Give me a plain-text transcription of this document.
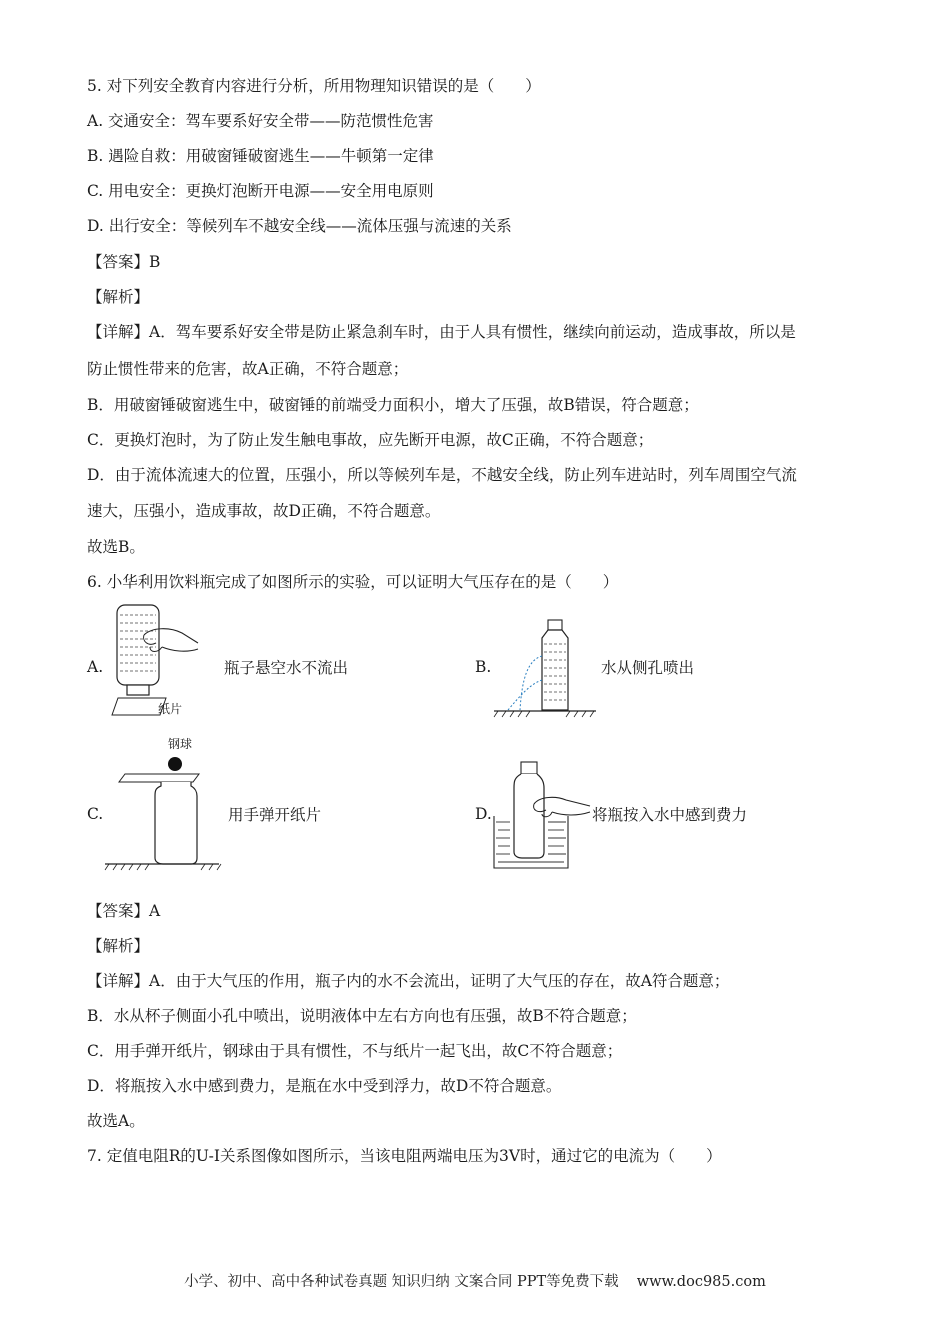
5. 对下列安全教育内容进行分析，所用物理知识错误的是（　　）
A. 交通安全：驾车要系好安全带——防范惯性危害
B. 遇险自救：用破窗锤破窗逃生——牛顿第一定律
C. 用电安全：更换灯泡断开电源——安全用电原则
D. 出行安全：等候列车不越安全线——流体压强与流速的关系
【答案】B
【解析】
【详解】A．驾车要系好安全带是防止紧急刹车时，由于人具有惯性，继续向前运动，造成事故，所以是
防止惯性带来的危害，故A正确，不符合题意；
B．用破窗锤破窗逃生中，破窗锤的前端受力面积小，增大了压强，故B错误，符合题意；
C．更换灯泡时，为了防止发生触电事故，应先断开电源，故C正确，不符合题意；
D．由于流体流速大的位置，压强小，所以等候列车是，不越安全线，防止列车进站时，列车周围空气流
速大，压强小，造成事故，故D正确，不符合题意。
故选B。
6. 小华利用饮料瓶完成了如图所示的实验，可以证明大气压存在的是（　　）
A.
纸片
瓶子悬空水不流出	B.	水从侧孔喷出
C.
钢球
用手弹开纸片	D.	将瓶按入水中感到费力
【答案】A
【解析】
【详解】A．由于大气压的作用，瓶子内的水不会流出，证明了大气压的存在，故A符合题意；
B．水从杯子侧面小孔中喷出，说明液体中左右方向也有压强，故B不符合题意；
C．用手弹开纸片，钢球由于具有惯性，不与纸片一起飞出，故C不符合题意；
D．将瓶按入水中感到费力，是瓶在水中受到浮力，故D不符合题意。
故选A。
7. 定值电阻R的U-I关系图像如图所示，当该电阻两端电压为3V时，通过它的电流为（　　）
小学、初中、高中各种试卷真题 知识归纳 文案合同 PPT等免费下载 www.doc985.com
